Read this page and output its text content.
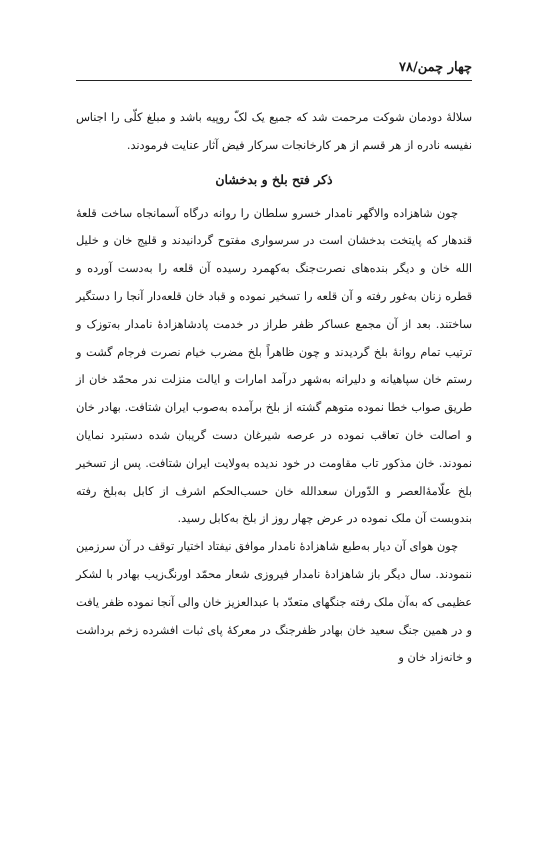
چهار چمن/۷۸

سلالهٔ دودمان شوکت مرحمت شد که جمیع یک لکّ روپیه باشد و مبلغ کلّی را اجناس نفیسه نادره از هر قسم از هر کارخانجات سرکار فیض آثار عنایت فرمودند.

ذکر فتح بلخ و بدخشان

چون شاهزاده والاگهر نامدار خسرو سلطان را روانه درگاه آسمانجاه ساخت قلعهٔ قندهار که پایتخت بدخشان است در سرسواری مفتوح گردانیدند و قلیج خان و خلیل الله خان و دیگر بنده‌های نصرت‌جنگ به‌کهمرد رسیده آن قلعه را به‌دست آورده و قطره زنان به‌غور رفته و آن قلعه را تسخیر نموده و قباد خان قلعه‌دار آنجا را دستگیر ساختند. بعد از آن مجمع عساکر ظفر طراز در خدمت پادشاهزادهٔ نامدار به‌توزک و ترتیب تمام روانهٔ بلخ گردیدند و چون ظاهراً بلخ مضرب خیام نصرت فرجام گشت و رستم خان سپاهیانه و دلیرانه به‌شهر درآمد امارات و ایالت منزلت ندر محمّد خان از طریق صواب خطا نموده متوهم گشته از بلخ برآمده به‌صوب ایران شتافت. بهادر خان و اصالت خان تعاقب نموده در عرصه شیرغان دست گریبان شده دستبرد نمایان نمودند. خان مذکور تاب مقاومت در خود ندیده به‌ولایت ایران شتافت. پس از تسخیر بلخ علّامهٔ‌العصر و الدّوران سعدالله خان حسب‌الحکم اشرف از کابل به‌بلخ رفته بندوبست آن ملک نموده در عرض چهار روز از بلخ به‌کابل رسید.

چون هوای آن دیار به‌طبع شاهزادهٔ نامدار موافق نیفتاد اختیار توقف در آن سرزمین ننمودند. سال دیگر باز شاهزادهٔ نامدار فیروزی شعار محمّد اورنگ‌زیب بهادر با لشکر عظیمی که به‌آن ملک رفته جنگهای متعدّد با عبدالعزیز خان والی آنجا نموده ظفر یافت و در همین جنگ سعید خان بهادر ظفرجنگ در معرکهٔ پای ثبات افشرده زخم برداشت و خانه‌زاد خان و
